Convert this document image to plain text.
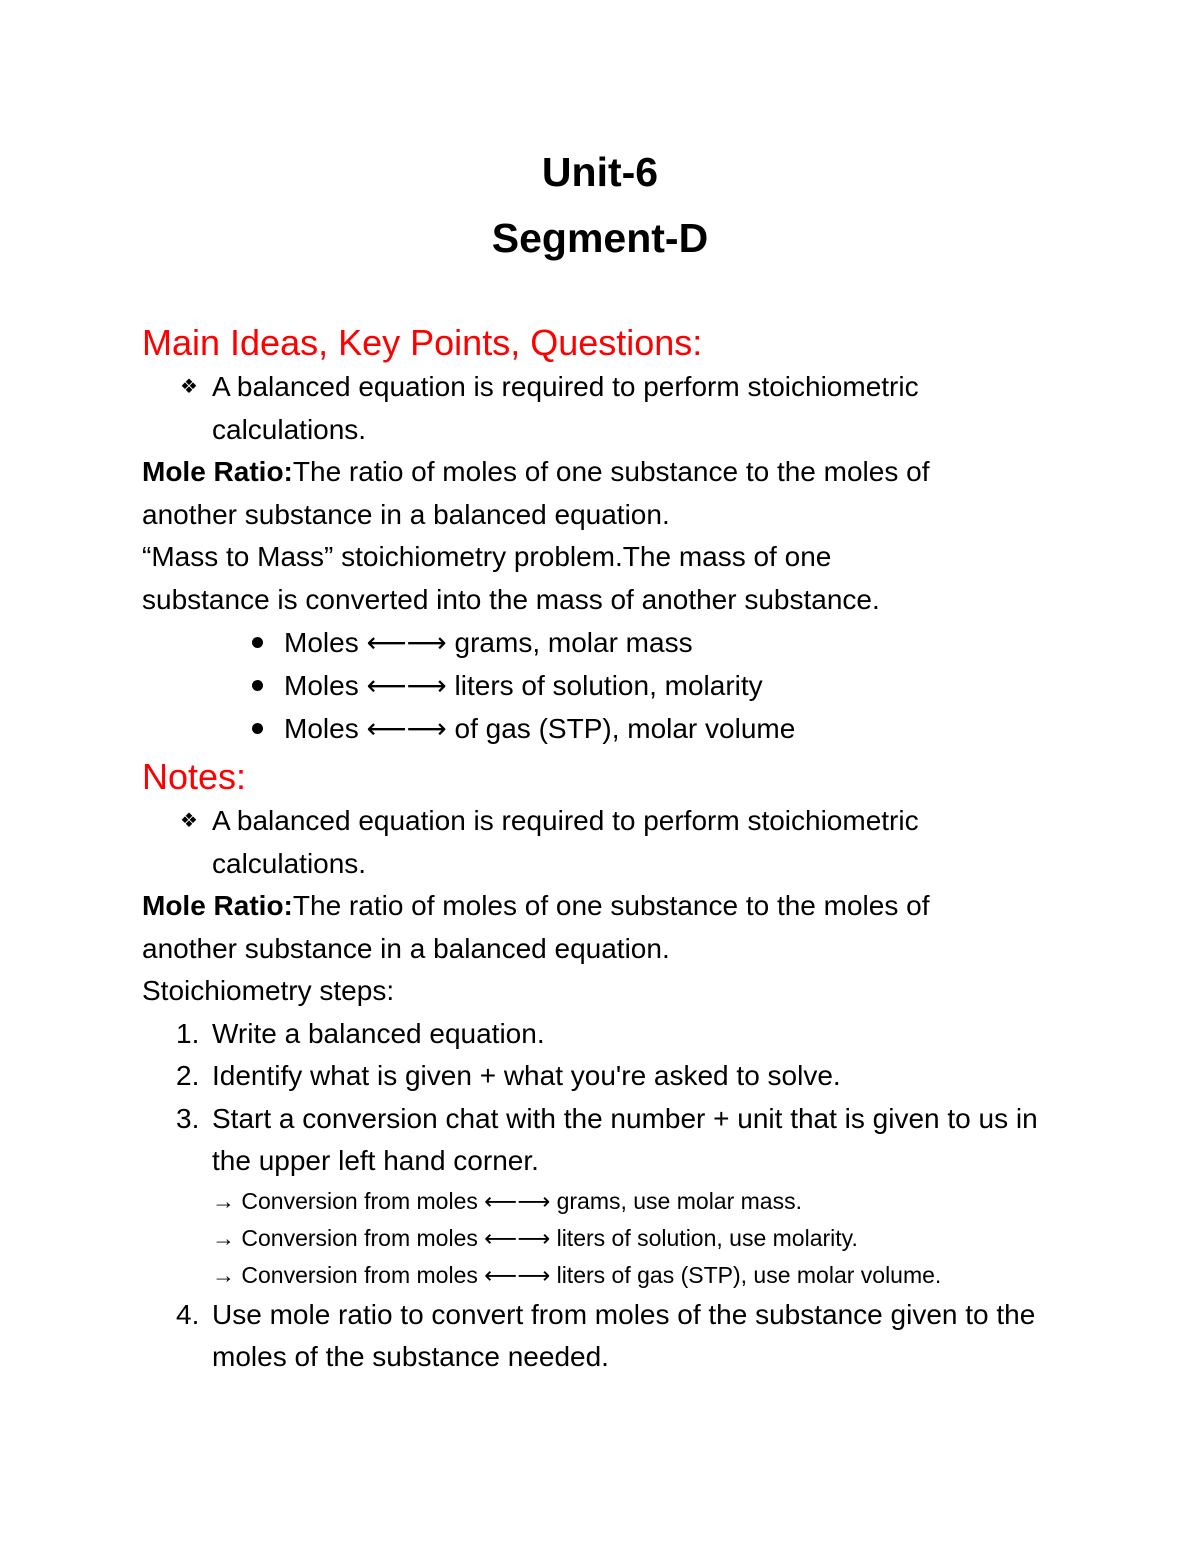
Unit-6
Segment-D
Main Ideas, Key Points, Questions:
❖ A balanced equation is required to perform stoichiometric calculations.
Mole Ratio:The ratio of moles of one substance to the moles of
another substance in a balanced equation.
“Mass to Mass” stoichiometry problem.The mass of one
substance is converted into the mass of another substance.
Moles ⟵⟶ grams, molar mass
Moles ⟵⟶ liters of solution, molarity
Moles ⟵⟶ of gas (STP), molar volume
Notes:
❖ A balanced equation is required to perform stoichiometric calculations.
Mole Ratio:The ratio of moles of one substance to the moles of
another substance in a balanced equation.
Stoichiometry steps:
1. Write a balanced equation.
2. Identify what is given + what you're asked to solve.
3. Start a conversion chat with the number + unit that is given to us in the upper left hand corner.
→ Conversion from moles ⟵⟶ grams, use molar mass.
→ Conversion from moles ⟵⟶ liters of solution, use molarity.
→ Conversion from moles ⟵⟶ liters of gas (STP), use molar volume.
4. Use mole ratio to convert from moles of the substance given to the moles of the substance needed.
